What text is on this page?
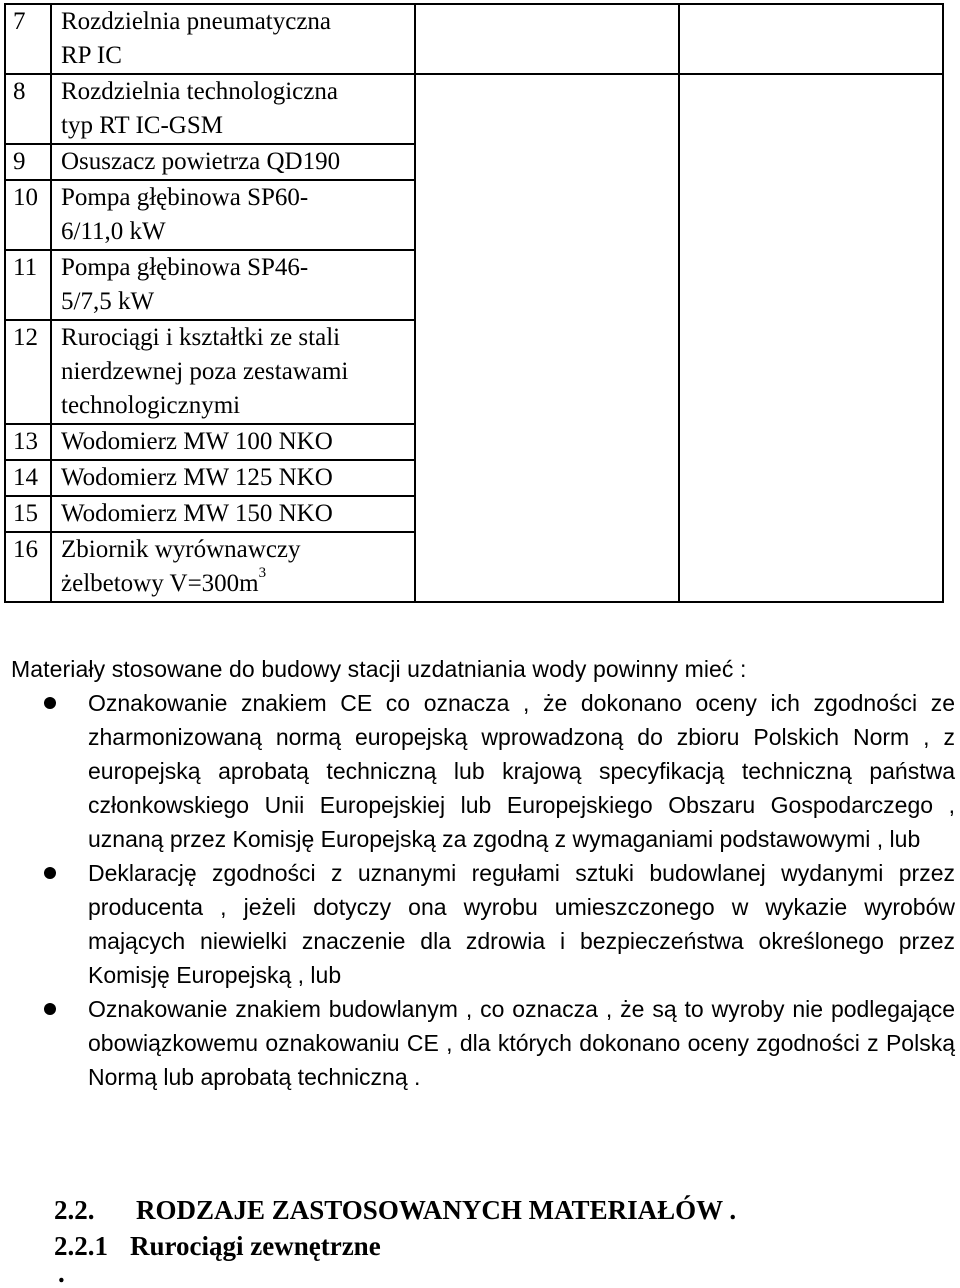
7	Rozdzielnia pneumatyczna
RP IC		
8	Rozdzielnia technologiczna
typ RT IC-GSM		
9	Osuszacz powietrza QD190		
10	Pompa głębinowa SP60-
6/11,0 kW		
11	Pompa głębinowa SP46-
5/7,5 kW		
12	Rurociągi i kształtki ze stali
nierdzewnej poza zestawami
technologicznymi		
13	Wodomierz MW 100 NKO		
14	Wodomierz MW 125 NKO		
15	Wodomierz MW 150 NKO		
16	Zbiornik wyrównawczy
żelbetowy $V=300m^3$
Materiały stosowane do budowy stacji uzdatniania wody powinny mieć :
Oznakowanie znakiem CE co oznacza , że dokonano oceny ich zgodności ze zharmonizowaną normą europejską wprowadzoną do zbioru Polskich Norm , z europejską aprobatą techniczną lub krajową specyfikacją techniczną państwa członkowskiego Unii Europejskiej lub Europejskiego Obszaru Gospodarczego , uznaną przez Komisję Europejską za zgodną z wymaganiami podstawowymi , lub
Deklarację zgodności z uznanymi regułami sztuki budowlanej wydanymi przez producenta , jeżeli dotyczy ona wyrobu umieszczonego w wykazie wyrobów mających niewielki znaczenie dla zdrowia i bezpieczeństwa określonego przez Komisję Europejską , lub
Oznakowanie znakiem budowlanym , co oznacza , że są to wyroby nie podlegające obowiązkowemu oznakowaniu CE , dla których dokonano oceny zgodności z Polską Normą lub aprobatą techniczną .
2.2. RODZAJE ZASTOSOWANYCH MATERIAŁÓW .
2.2.1 Rurociągi zewnętrzne
.
